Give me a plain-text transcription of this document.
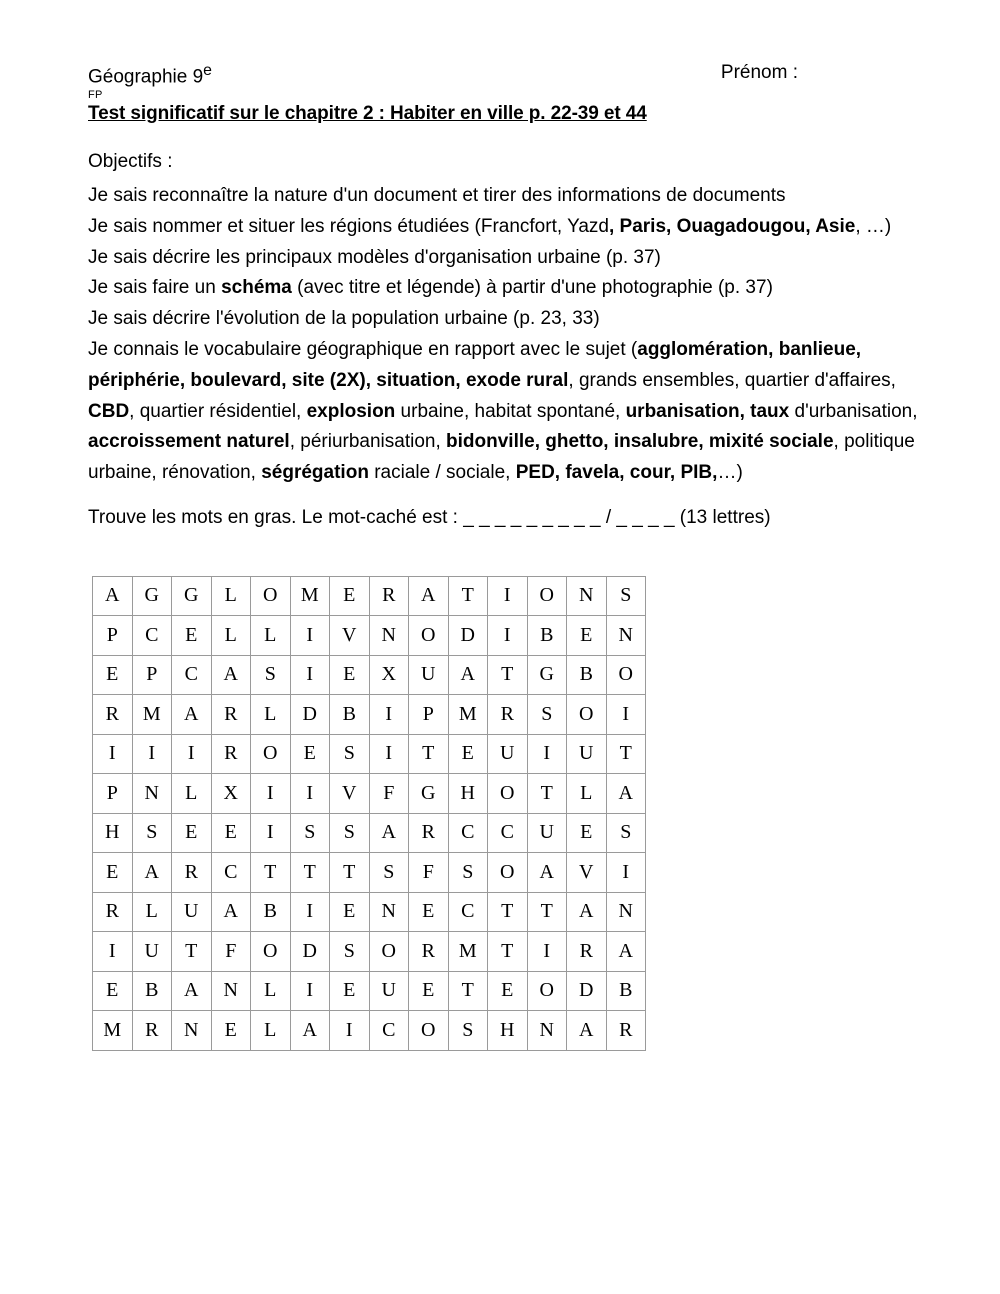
Géographie 9e	Prénom :
FP
Test significatif sur le chapitre 2 : Habiter en ville p. 22-39 et 44
Objectifs :
Je sais reconnaître la nature d'un document et tirer des informations de documents
Je sais nommer et situer les régions étudiées (Francfort, Yazd, Paris, Ouagadougou, Asie, …)
Je sais décrire les principaux modèles d'organisation urbaine (p. 37)
Je sais faire un schéma (avec titre et légende) à partir d'une photographie (p. 37)
Je sais décrire l'évolution de la population urbaine (p. 23, 33)
Je connais le vocabulaire géographique en rapport avec le sujet (agglomération, banlieue, périphérie, boulevard, site (2X), situation, exode rural, grands ensembles, quartier d'affaires, CBD, quartier résidentiel, explosion urbaine, habitat spontané, urbanisation, taux d'urbanisation, accroissement naturel, périurbanisation, bidonville, ghetto, insalubre, mixité sociale, politique urbaine, rénovation, ségrégation raciale / sociale, PED, favela, cour, PIB,…)
Trouve les mots en gras. Le mot-caché est : _ _ _ _ _ _ _ _ _ / _ _ _ _ (13 lettres)
A	G	G	L	O	M	E	R	A	T	I	O	N	S
P	C	E	L	L	I	V	N	O	D	I	B	E	N
E	P	C	A	S	I	E	X	U	A	T	G	B	O
R	M	A	R	L	D	B	I	P	M	R	S	O	I
I	I	I	R	O	E	S	I	T	E	U	I	U	T
P	N	L	X	I	I	V	F	G	H	O	T	L	A
H	S	E	E	I	S	S	A	R	C	C	U	E	S
E	A	R	C	T	T	T	S	F	S	O	A	V	I
R	L	U	A	B	I	E	N	E	C	T	T	A	N
I	U	T	F	O	D	S	O	R	M	T	I	R	A
E	B	A	N	L	I	E	U	E	T	E	O	D	B
M	R	N	E	L	A	I	C	O	S	H	N	A	R
